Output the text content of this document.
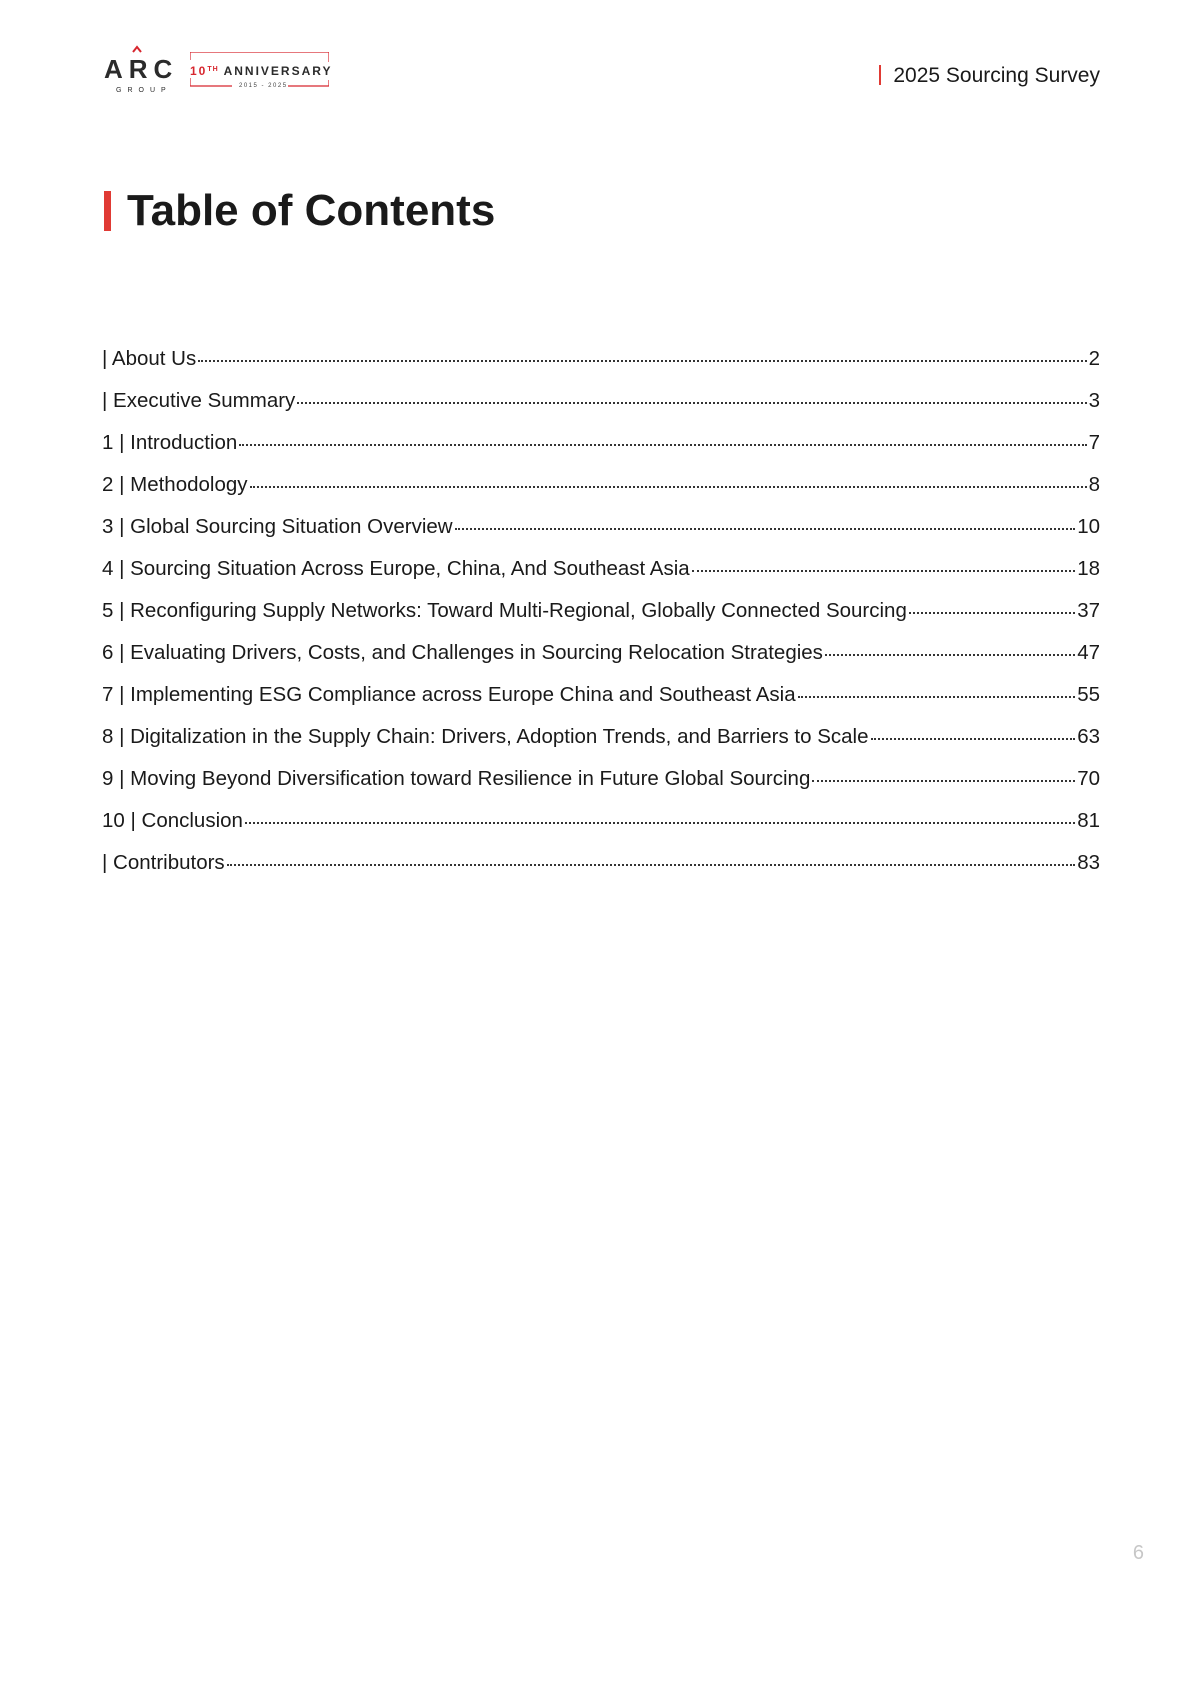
ARC
GROUP
10TH ANNIVERSARY
2015 - 2025	2025 Sourcing Survey
Table of Contents
| About Us	2
| Executive Summary	3
1 | Introduction	7
2 | Methodology	8
3 | Global Sourcing Situation Overview	10
4 | Sourcing Situation Across Europe, China, And Southeast Asia	18
5 | Reconfiguring Supply Networks: Toward Multi-Regional, Globally Connected Sourcing	37
6 | Evaluating Drivers, Costs, and Challenges in Sourcing Relocation Strategies	47
7 | Implementing ESG Compliance across Europe China and Southeast Asia	55
8 | Digitalization in the Supply Chain: Drivers, Adoption Trends, and Barriers to Scale	63
9 | Moving Beyond Diversification toward Resilience in Future Global Sourcing	70
10 | Conclusion	81
| Contributors	83
6
